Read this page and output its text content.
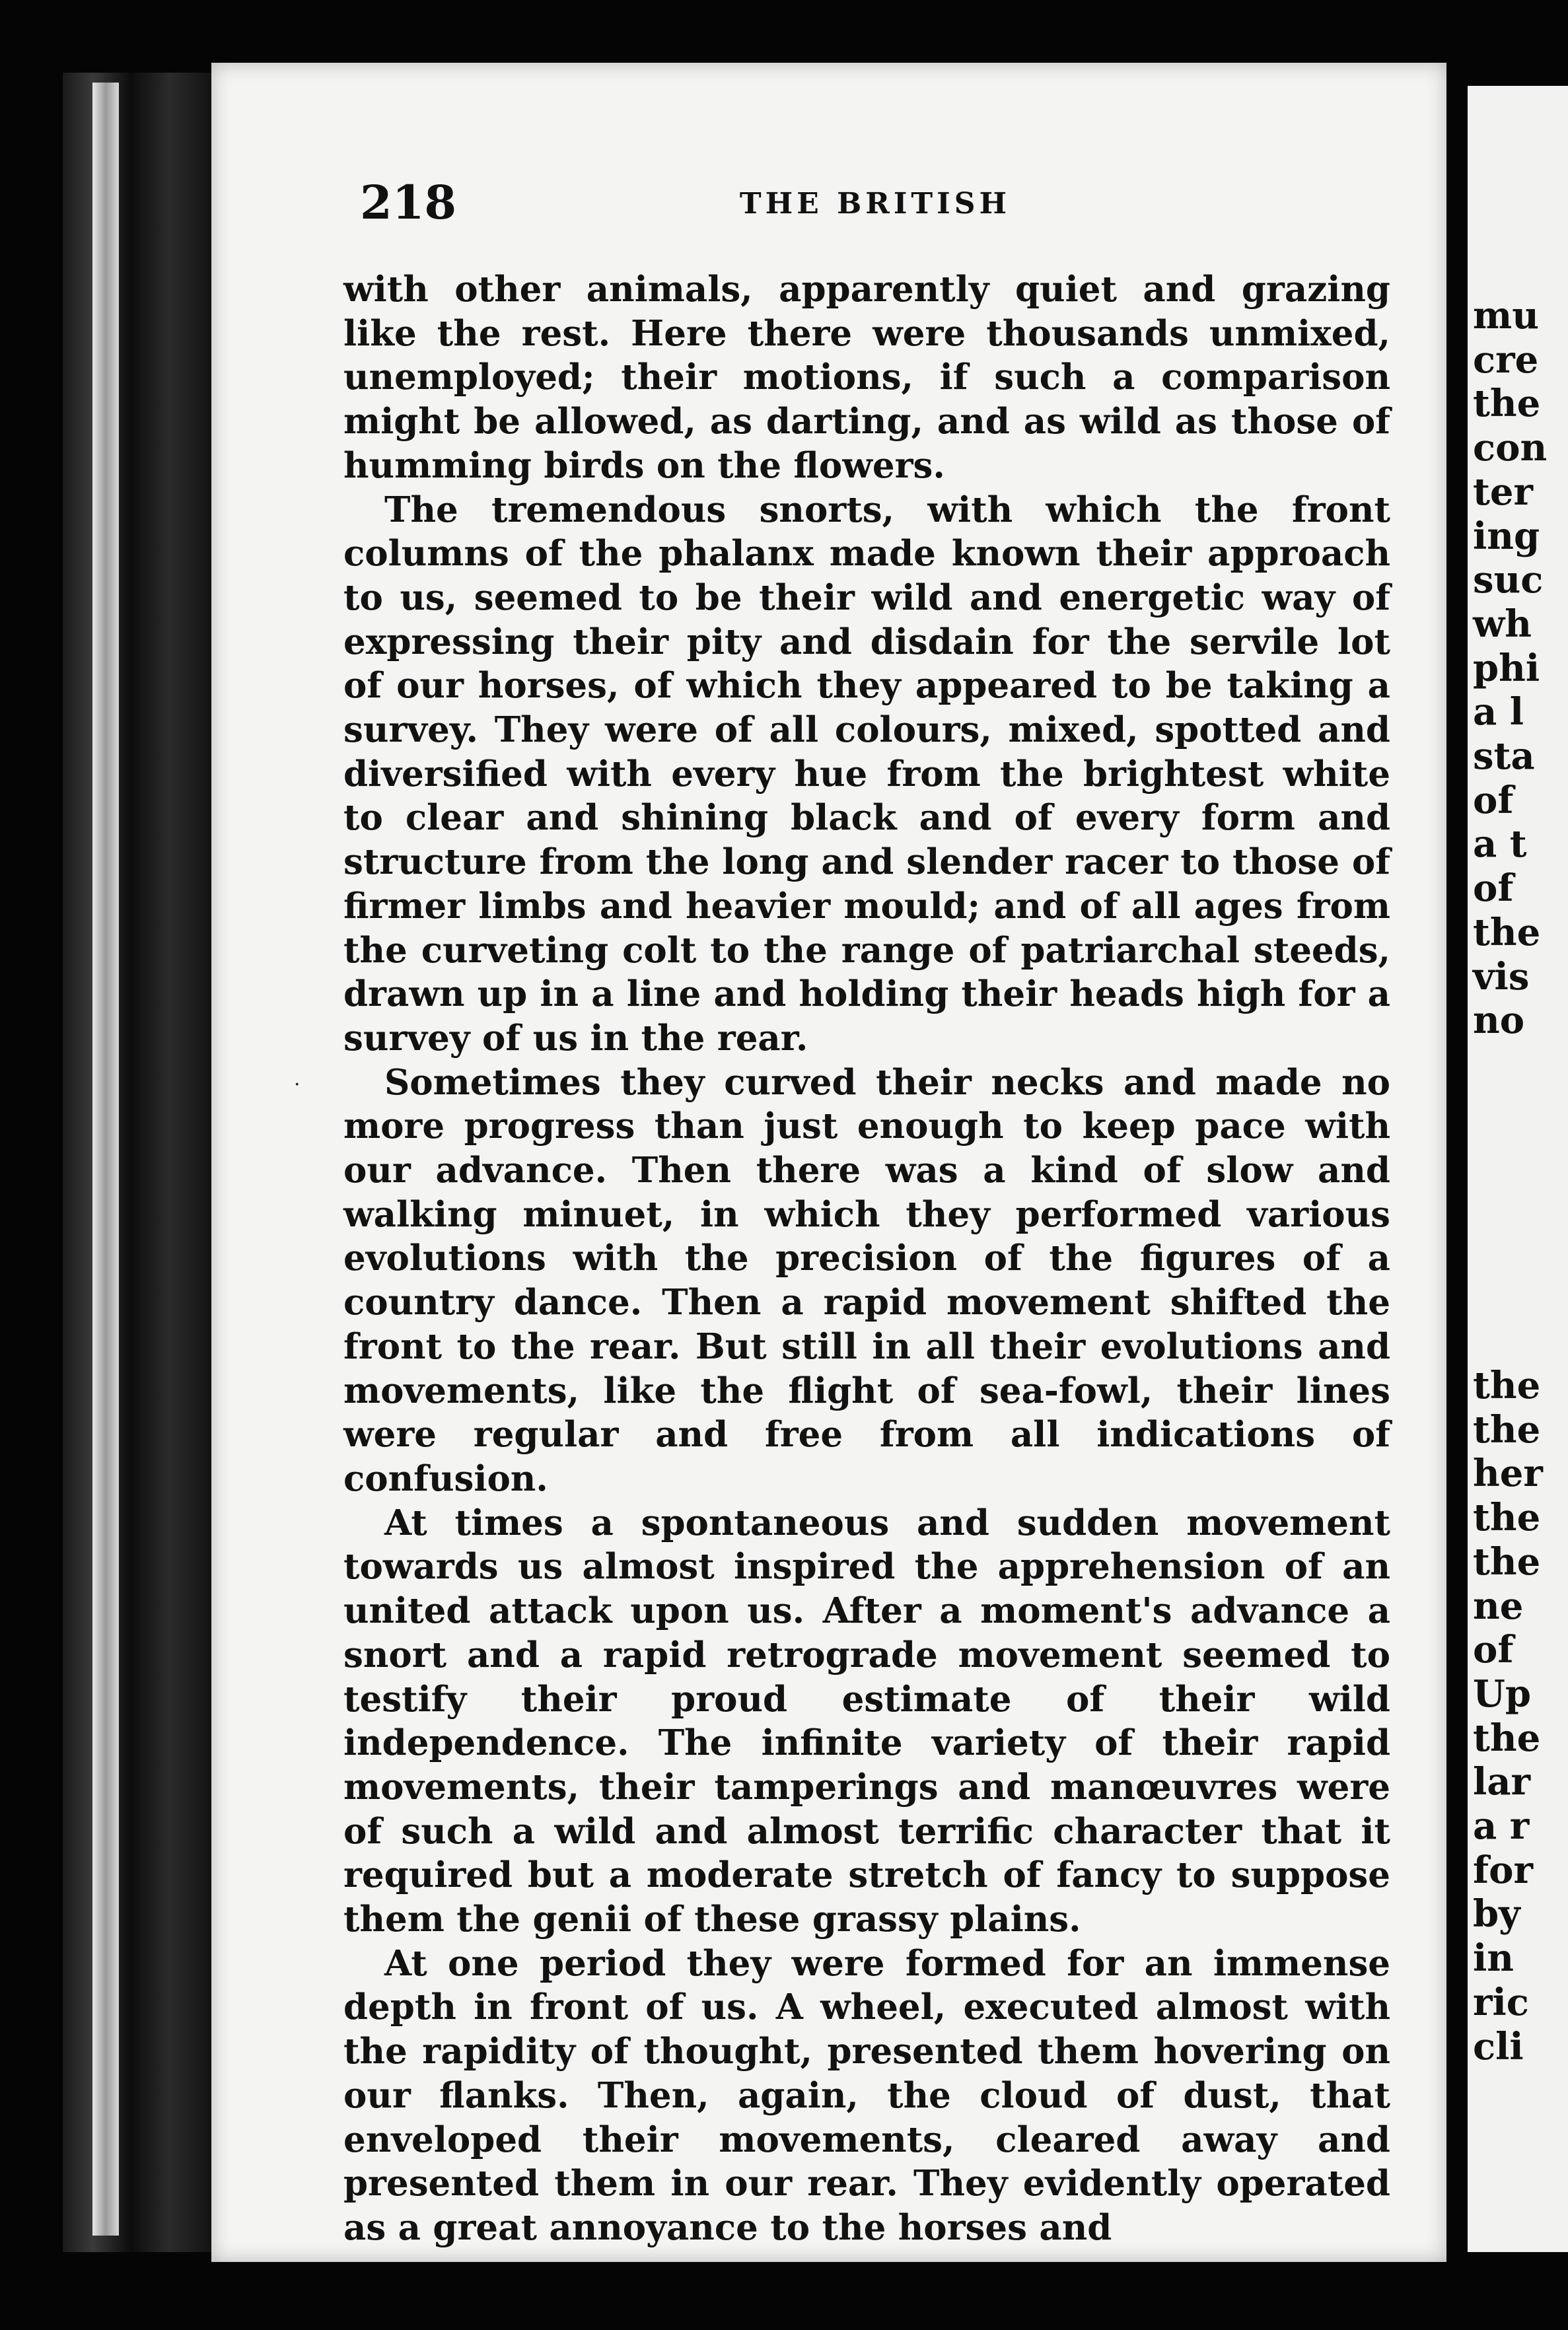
218	THE BRITISH
·

with other animals, apparently quiet and grazing like the rest. Here there were thousands unmixed, unemployed; their motions, if such a comparison might be allowed, as darting, and as wild as those of humming birds on the flowers.

The tremendous snorts, with which the front columns of the phalanx made known their approach to us, seemed to be their wild and energetic way of expressing their pity and disdain for the servile lot of our horses, of which they appeared to be taking a survey. They were of all colours, mixed, spotted and diversified with every hue from the brightest white to clear and shining black and of every form and structure from the long and slender racer to those of firmer limbs and heavier mould; and of all ages from the curveting colt to the range of patriarchal steeds, drawn up in a line and holding their heads high for a survey of us in the rear.

Sometimes they curved their necks and made no more progress than just enough to keep pace with our advance. Then there was a kind of slow and walking minuet, in which they performed various evolutions with the precision of the figures of a country dance. Then a rapid movement shifted the front to the rear. But still in all their evolutions and movements, like the flight of sea-fowl, their lines were regular and free from all indications of confusion.

At times a spontaneous and sudden movement towards us almost inspired the apprehension of an united attack upon us. After a moment's advance a snort and a rapid retrograde movement seemed to testify their proud estimate of their wild independence. The infinite variety of their rapid movements, their tamperings and manœuvres were of such a wild and almost terrific character that it required but a moderate stretch of fancy to suppose them the genii of these grassy plains.

At one period they were formed for an immense depth in front of us. A wheel, executed almost with the rapidity of thought, presented them hovering on our flanks. Then, again, the cloud of dust, that enveloped their movements, cleared away and presented them in our rear. They evidently operated as a great annoyance to the horses and

mu
cre
the
con
ter
ing
suc
wh
phi
a l
sta
of
a t
of
the
vis
no
the
the
her
the
the
ne
of
Up
the
lar
a r
for
by
in
ric
cli
